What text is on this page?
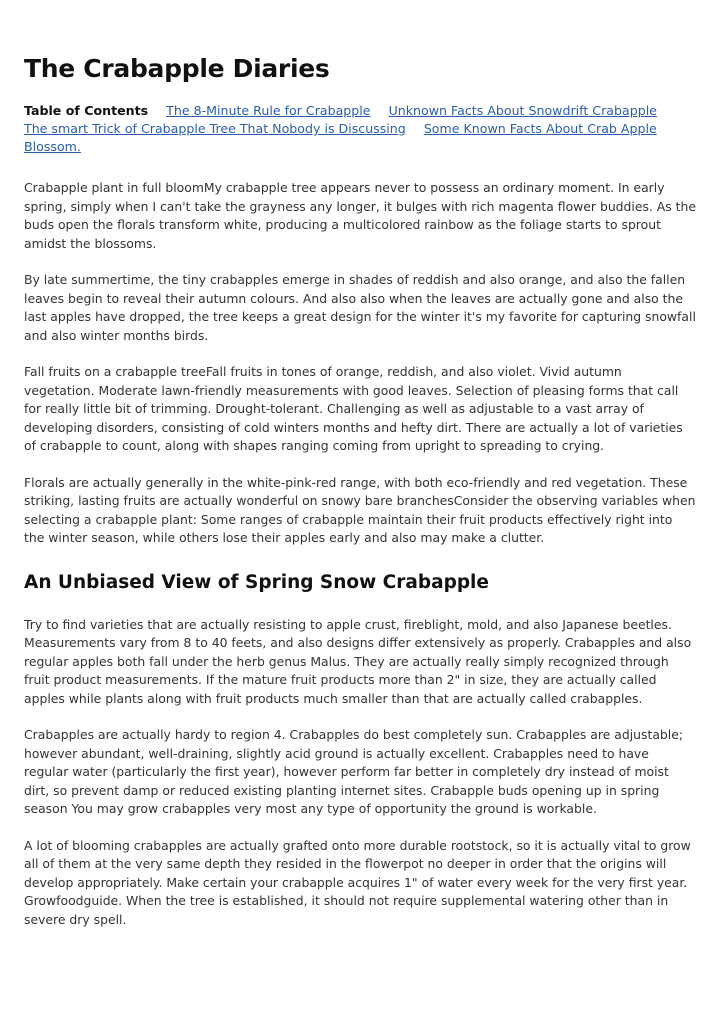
The Crabapple Diaries
Table of Contents The 8-Minute Rule for Crabapple Unknown Facts About Snowdrift Crabapple The smart Trick of Crabapple Tree That Nobody is Discussing Some Known Facts About Crab Apple Blossom.

Crabapple plant in full bloomMy crabapple tree appears never to possess an ordinary moment. In early spring, simply when I can't take the grayness any longer, it bulges with rich magenta flower buddies. As the buds open the florals transform white, producing a multicolored rainbow as the foliage starts to sprout amidst the blossoms.

By late summertime, the tiny crabapples emerge in shades of reddish and also orange, and also the fallen leaves begin to reveal their autumn colours. And also also when the leaves are actually gone and also the last apples have dropped, the tree keeps a great design for the winter it's my favorite for capturing snowfall and also winter months birds.

Fall fruits on a crabapple treeFall fruits in tones of orange, reddish, and also violet. Vivid autumn vegetation. Moderate lawn-friendly measurements with good leaves. Selection of pleasing forms that call for really little bit of trimming. Drought-tolerant. Challenging as well as adjustable to a vast array of developing disorders, consisting of cold winters months and hefty dirt. There are actually a lot of varieties of crabapple to count, along with shapes ranging coming from upright to spreading to crying.

Florals are actually generally in the white-pink-red range, with both eco-friendly and red vegetation. These striking, lasting fruits are actually wonderful on snowy bare branchesConsider the observing variables when selecting a crabapple plant: Some ranges of crabapple maintain their fruit products effectively right into the winter season, while others lose their apples early and also may make a clutter.

An Unbiased View of Spring Snow Crabapple

Try to find varieties that are actually resisting to apple crust, fireblight, mold, and also Japanese beetles. Measurements vary from 8 to 40 feets, and also designs differ extensively as properly. Crabapples and also regular apples both fall under the herb genus Malus. They are actually really simply recognized through fruit product measurements. If the mature fruit products more than 2" in size, they are actually called apples while plants along with fruit products much smaller than that are actually called crabapples.

Crabapples are actually hardy to region 4. Crabapples do best completely sun. Crabapples are adjustable; however abundant, well-draining, slightly acid ground is actually excellent. Crabapples need to have regular water (particularly the first year), however perform far better in completely dry instead of moist dirt, so prevent damp or reduced existing planting internet sites. Crabapple buds opening up in spring season You may grow crabapples very most any type of opportunity the ground is workable.

A lot of blooming crabapples are actually grafted onto more durable rootstock, so it is actually vital to grow all of them at the very same depth they resided in the flowerpot no deeper in order that the origins will develop appropriately. Make certain your crabapple acquires 1" of water every week for the very first year. Growfoodguide. When the tree is established, it should not require supplemental watering other than in severe dry spell.
